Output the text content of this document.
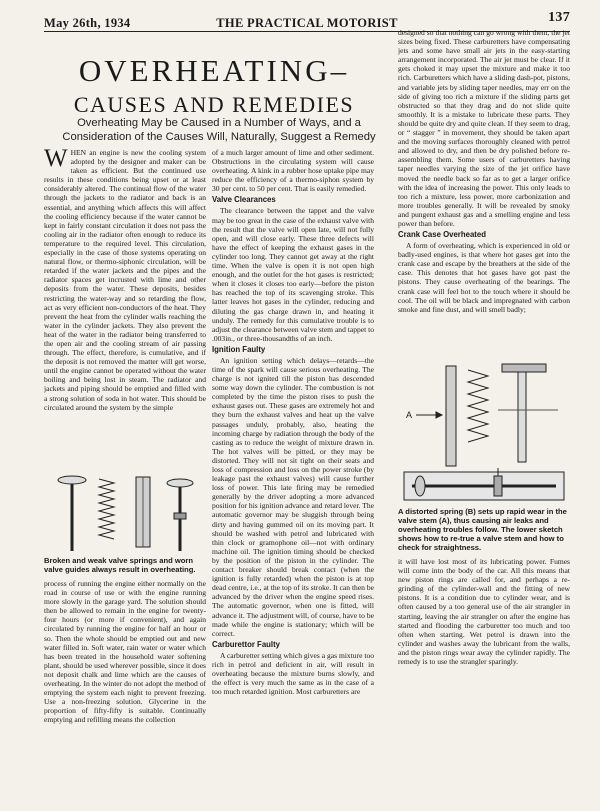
May 26th, 1934	THE PRACTICAL MOTORIST	137
OVERHEATING–
CAUSES AND REMEDIES
Overheating May be Caused in a Number of Ways, and a Consideration of the Causes Will, Naturally, Suggest a Remedy

WHEN an engine is new the cooling system adopted by the designer and maker can be taken as efficient. But the continued use results in these conditions being upset or at least considerably altered. The continual flow of the water through the jackets to the radiator and back is an essential, and anything which affects this will affect the cooling efficiency because if the water cannot be kept in fairly constant circulation it does not pass the cooling air in the radiator often enough to reduce its temperature to the required level. This circulation, especially in the case of those systems operating on natural flow, or thermo-siphonic circulation, will be retarded if the water jackets and the pipes and the radiator spaces get incrusted with lime and other deposits from the water. These deposits, besides restricting the water-way and so retarding the flow, act as very efficient non-conductors of the heat. They prevent the heat from the cylinder walls reaching the water in the cylinder jackets. They also prevent the heat of the water in the radiator being transferred to the open air and the cooling stream of air passing through. The effect, therefore, is cumulative, and if the deposit is not removed the matter will get worse, until the engine cannot be operated without the water boiling and being lost in steam. The radiator and jackets and piping should be emptied and filled with a strong solution of soda in hot water. This should be circulated around the system by the simple

Broken and weak valve springs and worn valve guides always result in overheating.

process of running the engine either normally on the road in course of use or with the engine running more slowly in the garage yard. The solution should then be allowed to remain in the engine for twenty-four hours (or more if convenient), and again circulated by running the engine for half an hour or so. Then the whole should be emptied out and new water filled in. Soft water, rain water or water which has been treated in the household water softening plant, should be used wherever possible, since it does not deposit chalk and lime which are the causes of overheating. In the winter do not adopt the method of emptying the system each night to prevent freezing. Use a non-freezing solution. Glycerine in the proportion of fifty-fifty is suitable. Continually emptying and refilling means the collection

of a much larger amount of lime and other sediment. Obstructions in the circulating system will cause overheating. A kink in a rubber hose uptake pipe may reduce the efficiency of a thermo-siphon system by 30 per cent. to 50 per cent. That is easily remedied.

Valve Clearances

The clearance between the tappet and the valve may be too great in the case of the exhaust valve with the result that the valve will open late, will not fully open, and will close early. These three defects will have the effect of keeping the exhaust gases in the cylinder too long. They cannot get away at the right time. When the valve is open it is not open high enough, and the outlet for the hot gases is restricted; when it closes it closes too early—before the piston has reached the top of its scavenging stroke. This latter leaves hot gases in the cylinder, reducing and diluting the gas charge drawn in, and heating it unduly. The remedy for this cumulative trouble is to adjust the clearance between valve stem and tappet to .003in., or three-thousandths of an inch.

Ignition Faulty

An ignition setting which delays—retards—the time of the spark will cause serious overheating. The charge is not ignited till the piston has descended some way down the cylinder. The combustion is not completed by the time the piston rises to push the exhaust gases out. These gases are extremely hot and they burn the exhaust valves and heat up the valve passages unduly, probably, also, heating the incoming charge by radiation through the body of the casting as to reduce the weight of mixture drawn in. The hot valves will be pitted, or they may be distorted. They will not sit tight on their seats and loss of compression and loss on the power stroke (by leakage past the exhaust valves) will cause further loss of power. This late firing may be remedied generally by the driver adopting a more advanced position for his ignition advance and retard lever. The automatic governor may be sluggish through being dirty and having gummed oil on its moving part. It should be washed with petrol and lubricated with thin clock or gramophone oil—not with ordinary machine oil. The ignition timing should be checked by the position of the piston in the cylinder. The contact breaker should break contact (when the ignition is fully retarded) when the piston is at top dead centre, i.e., at the top of its stroke. It can then be advanced by the driver when the engine speed rises. The automatic governor, when one is fitted, will advance it. The adjustment will, of course, have to be made while the engine is stationary; which will be correct.

Carburettor Faulty

A carburetter setting which gives a gas mixture too rich in petrol and deficient in air, will result in overheating because the mixture burns slowly, and the effect is very much the same as in the case of a too much retarded ignition. Most carburetters are

designed so that nothing can go wrong with them, the jet sizes being fixed. These carburetters have compensating jets and some have small air jets in the easy-starting arrangement incorporated. The air jet must be clear. If it gets choked it may upset the mixture and make it too rich. Carburetters which have a sliding dash-pot, pistons, and variable jets by sliding taper needles, may err on the side of giving too rich a mixture if the sliding parts get obstructed so that they drag and do not slide quite smoothly. It is a mistake to lubricate these parts. They should be quite dry and quite clean. If they seem to drag, or “ stagger ” in movement, they should be taken apart and the moving surfaces thoroughly cleaned with petrol and allowed to dry, and then be dry polished before re-assembling them. Some users of carburetters having taper needles varying the size of the jet orifice have moved the needle back so far as to get a larger orifice with the idea of increasing the power. This only leads to too rich a mixture, less power, more carbonization and more troubles generally. It will be revealed by smoky and pungent exhaust gas and a smelling engine and less power than before.

Crank Case Overheated

A form of overheating, which is experienced in old or badly-used engines, is that where hot gases get into the crank case and escape by the breathers at the side of the case. This denotes that hot gases have got past the pistons. They cause overheating of the bearings. The crank case will feel hot to the touch where it should be cool. The oil will be black and impregnated with carbon smoke and fine dust, and will smell badly;

A
A distorted spring (B) sets up rapid wear in the valve stem (A), thus causing air leaks and overheating troubles follow. The lower sketch shows how to re-true a valve stem and how to check for straightness.

it will have lost most of its lubricating power. Fumes will come into the body of the car. All this means that new piston rings are called for, and perhaps a re-grinding of the cylinder-wall and the fitting of new pistons. It is a condition due to cylinder wear, and is often caused by a too general use of the air strangler in starting, leaving the air strangler on after the engine has started and flooding the carburetter too much and too often when starting. Wet petrol is drawn into the cylinder and washes away the lubricant from the walls, and the piston rings wear away the cylinder rapidly. The remedy is to use the strangler sparingly.
